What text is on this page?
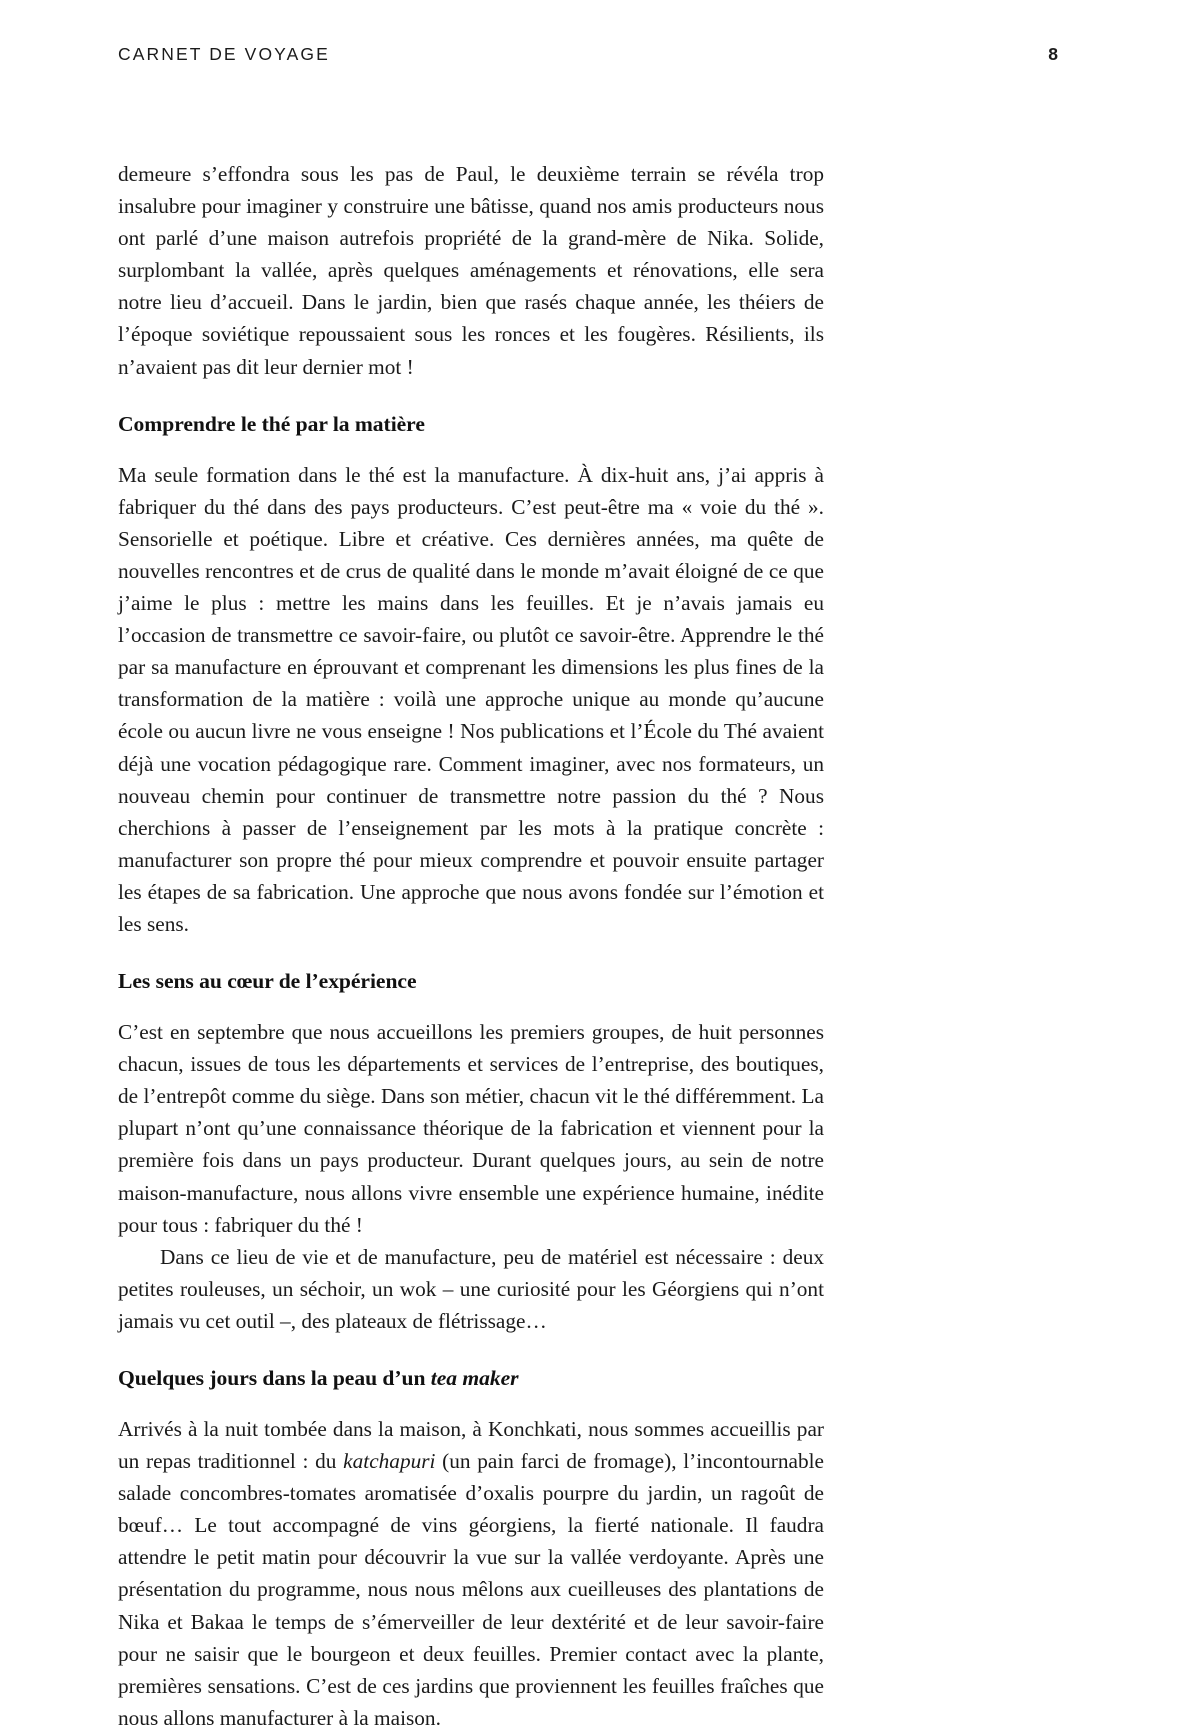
CARNET DE VOYAGE	8

demeure s’effondra sous les pas de Paul, le deuxième terrain se révéla trop insalubre pour imaginer y construire une bâtisse, quand nos amis producteurs nous ont parlé d’une maison autrefois propriété de la grand-mère de Nika. Solide, surplombant la vallée, après quelques aménagements et rénovations, elle sera notre lieu d’accueil. Dans le jardin, bien que rasés chaque année, les théiers de l’époque soviétique repoussaient sous les ronces et les fougères. Résilients, ils n’avaient pas dit leur dernier mot !

Comprendre le thé par la matière

Ma seule formation dans le thé est la manufacture. À dix-huit ans, j’ai appris à fabriquer du thé dans des pays producteurs. C’est peut-être ma « voie du thé ». Sensorielle et poétique. Libre et créative. Ces dernières années, ma quête de nouvelles rencontres et de crus de qualité dans le monde m’avait éloigné de ce que j’aime le plus : mettre les mains dans les feuilles. Et je n’avais jamais eu l’occasion de transmettre ce savoir-faire, ou plutôt ce savoir-être. Apprendre le thé par sa manufacture en éprouvant et comprenant les dimensions les plus fines de la transformation de la matière : voilà une approche unique au monde qu’aucune école ou aucun livre ne vous enseigne ! Nos publications et l’École du Thé avaient déjà une vocation pédagogique rare. Comment imaginer, avec nos formateurs, un nouveau chemin pour continuer de transmettre notre passion du thé ? Nous cherchions à passer de l’enseignement par les mots à la pratique concrète : manufacturer son propre thé pour mieux comprendre et pouvoir ensuite partager les étapes de sa fabrication. Une approche que nous avons fondée sur l’émotion et les sens.

Les sens au cœur de l’expérience

C’est en septembre que nous accueillons les premiers groupes, de huit personnes chacun, issues de tous les départements et services de l’entreprise, des boutiques, de l’entrepôt comme du siège. Dans son métier, chacun vit le thé différemment. La plupart n’ont qu’une connaissance théorique de la fabrication et viennent pour la première fois dans un pays producteur. Durant quelques jours, au sein de notre maison-manufacture, nous allons vivre ensemble une expérience humaine, inédite pour tous : fabriquer du thé !

Dans ce lieu de vie et de manufacture, peu de matériel est nécessaire : deux petites rouleuses, un séchoir, un wok – une curiosité pour les Géorgiens qui n’ont jamais vu cet outil –, des plateaux de flétrissage…

Quelques jours dans la peau d’un tea maker

Arrivés à la nuit tombée dans la maison, à Konchkati, nous sommes accueillis par un repas traditionnel : du katchapuri (un pain farci de fromage), l’incontournable salade concombres-tomates aromatisée d’oxalis pourpre du jardin, un ragoût de bœuf… Le tout accompagné de vins géorgiens, la fierté nationale. Il faudra attendre le petit matin pour découvrir la vue sur la vallée verdoyante. Après une présentation du programme, nous nous mêlons aux cueilleuses des plantations de Nika et Bakaa le temps de s’émerveiller de leur dextérité et de leur savoir-faire pour ne saisir que le bourgeon et deux feuilles. Premier contact avec la plante, premières sensations. C’est de ces jardins que proviennent les feuilles fraîches que nous allons manufacturer à la maison.
